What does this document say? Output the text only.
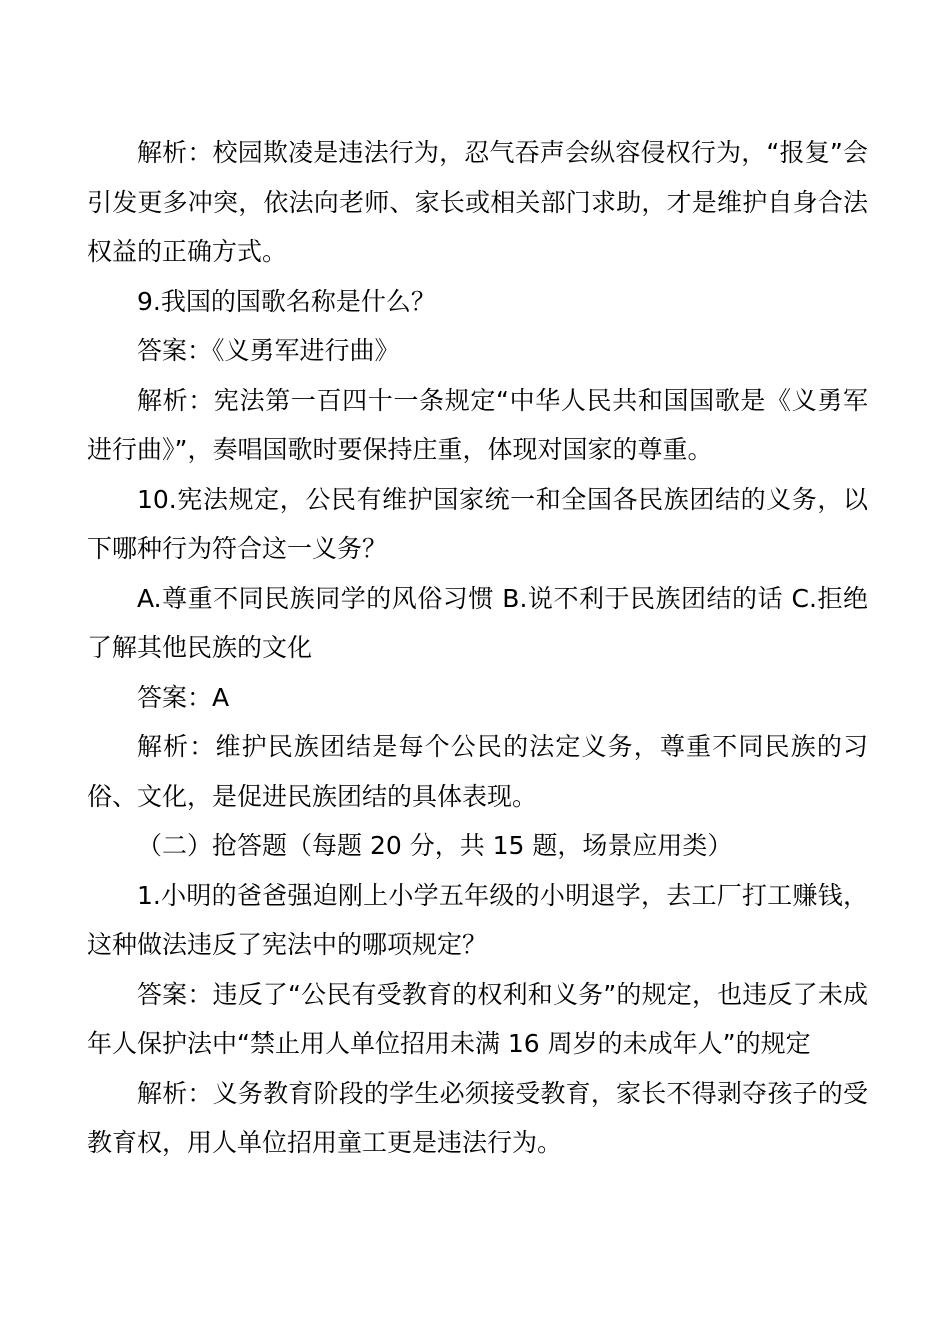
解析：校园欺凌是违法行为，忍气吞声会纵容侵权行为，“报复”会引发更多冲突，依法向老师、家长或相关部门求助，才是维护自身合法权益的正确方式。

9.我国的国歌名称是什么？

答案：《义勇军进行曲》

解析：宪法第一百四十一条规定“中华人民共和国国歌是《义勇军进行曲》”，奏唱国歌时要保持庄重，体现对国家的尊重。

10.宪法规定，公民有维护国家统一和全国各民族团结的义务，以下哪种行为符合这一义务？

A.尊重不同民族同学的风俗习惯 B.说不利于民族团结的话 C.拒绝了解其他民族的文化

答案：A

解析：维护民族团结是每个公民的法定义务，尊重不同民族的习俗、文化，是促进民族团结的具体表现。

（二）抢答题（每题 20 分，共 15 题，场景应用类）

1.小明的爸爸强迫刚上小学五年级的小明退学，去工厂打工赚钱，这种做法违反了宪法中的哪项规定？

答案：违反了“公民有受教育的权利和义务”的规定，也违反了未成年人保护法中“禁止用人单位招用未满 16 周岁的未成年人”的规定

解析：义务教育阶段的学生必须接受教育，家长不得剥夺孩子的受教育权，用人单位招用童工更是违法行为。
